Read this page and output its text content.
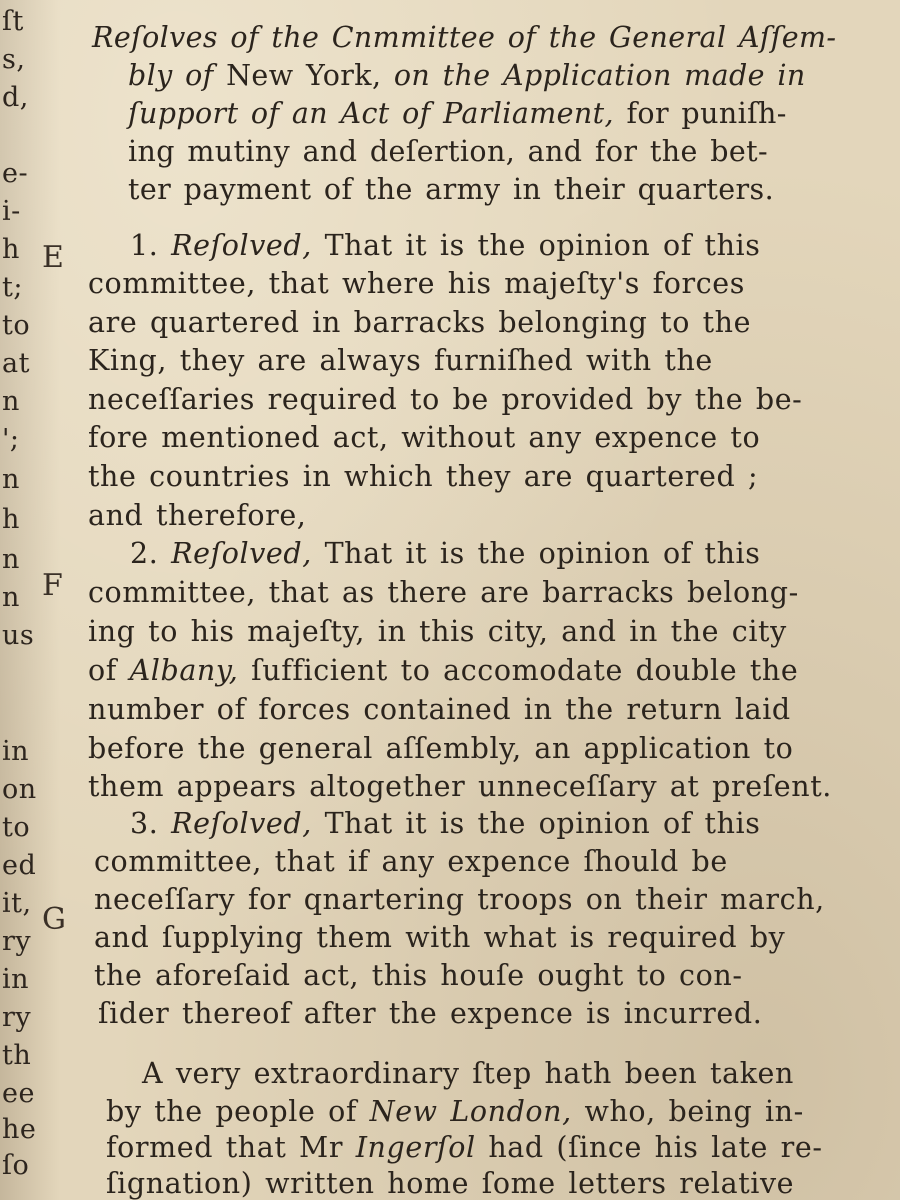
ſt
s,
d,
e-
i-
h
t;
to
at
n
';
n
h
n
n
us
in
on
to
ed
it,
ry
in
ry
th
ee
he
ſo
E
F
G
Reſolves of the Cnmmittee of the General Aſſem-
bly of New York, on the Application made in
ſupport of an Act of Parliament, for puniſh-
ing mutiny and deſertion, and for the bet-
ter payment of the army in their quarters.
1. Reſolved, That it is the opinion of this
committee, that where his majeſty's forces
are quartered in barracks belonging to the
King, they are always furniſhed with the
neceſſaries required to be provided by the be-
fore mentioned act, without any expence to
the countries in which they are quartered ;
and therefore,
2. Reſolved, That it is the opinion of this
committee, that as there are barracks belong-
ing to his majeſty, in this city, and in the city
of Albany, ſufficient to accomodate double the
number of forces contained in the return laid
before the general aſſembly, an application to
them appears altogether unneceſſary at preſent.
3. Reſolved, That it is the opinion of this
committee, that if any expence ſhould be
neceſſary for qnartering troops on their march,
and ſupplying them with what is required by
the aforeſaid act, this houſe ought to con-
ſider thereof after the expence is incurred.
A very extraordinary ſtep hath been taken
by the people of New London, who, being in-
formed that Mr Ingerſol had (ſince his late re-
ſignation) written home ſome letters relative
